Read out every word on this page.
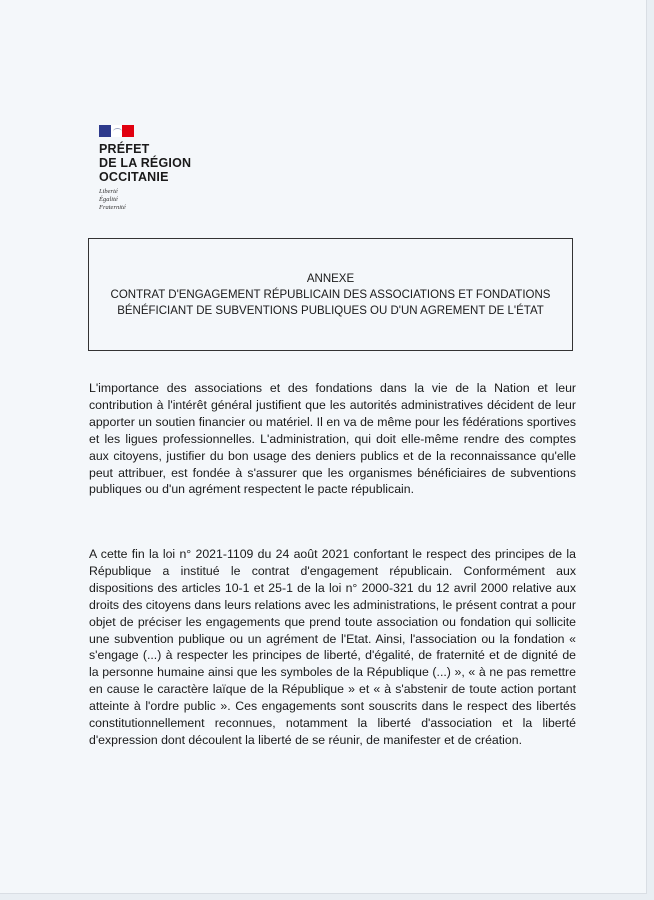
PRÉFET
DE LA RÉGION
OCCITANIE
Liberté
Égalité
Fraternité
ANNEXE
CONTRAT D'ENGAGEMENT RÉPUBLICAIN DES ASSOCIATIONS ET FONDATIONS
BÉNÉFICIANT DE SUBVENTIONS PUBLIQUES OU D'UN AGREMENT DE L'ÉTAT

L'importance des associations et des fondations dans la vie de la Nation et leur contribution à l'intérêt général justifient que les autorités administratives décident de leur apporter un soutien financier ou matériel. Il en va de même pour les fédérations sportives et les ligues professionnelles. L'administration, qui doit elle-même rendre des comptes aux citoyens, justifier du bon usage des deniers publics et de la reconnaissance qu'elle peut attribuer, est fondée à s'assurer que les organismes bénéficiaires de subventions publiques ou d'un agrément respectent le pacte républicain.

A cette fin la loi n° 2021-1109 du 24 août 2021 confortant le respect des principes de la République a institué le contrat d'engagement républicain. Conformément aux dispositions des articles 10-1 et 25-1 de la loi n° 2000-321 du 12 avril 2000 relative aux droits des citoyens dans leurs relations avec les administrations, le présent contrat a pour objet de préciser les engagements que prend toute association ou fondation qui sollicite une subvention publique ou un agrément de l'Etat. Ainsi, l'association ou la fondation « s'engage (...) à respecter les principes de liberté, d'égalité, de fraternité et de dignité de la personne humaine ainsi que les symboles de la République (...) », « à ne pas remettre en cause le caractère laïque de la République » et « à s'abstenir de toute action portant atteinte à l'ordre public ». Ces engagements sont souscrits dans le respect des libertés constitutionnellement reconnues, notamment la liberté d'association et la liberté d'expression dont découlent la liberté de se réunir, de manifester et de création.
